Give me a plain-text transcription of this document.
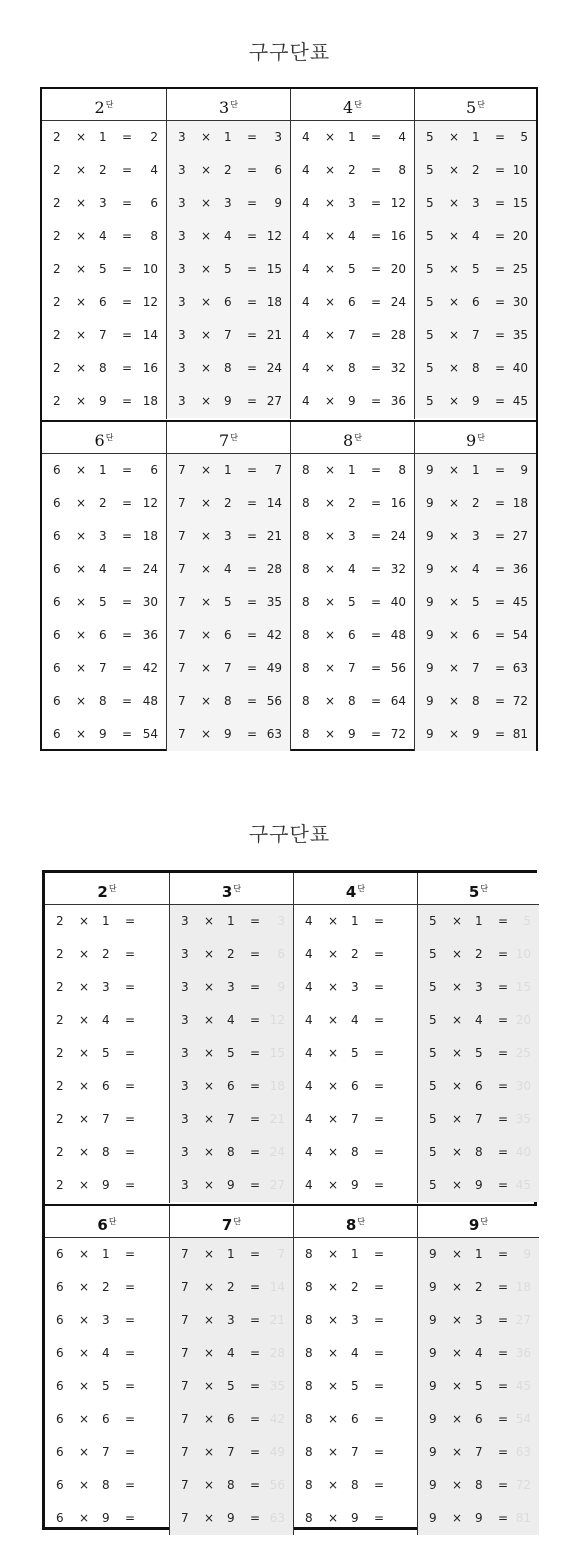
구구단표
$2^단$
2 × 1 = 2
2 × 2 = 4
2 × 3 = 6
2 × 4 = 8
2 × 5 = 10
2 × 6 = 12
2 × 7 = 14
2 × 8 = 16
2 × 9 = 18
$3^단$
3 × 1 = 3
3 × 2 = 6
3 × 3 = 9
3 × 4 = 12
3 × 5 = 15
3 × 6 = 18
3 × 7 = 21
3 × 8 = 24
3 × 9 = 27
$4^단$
4 × 1 = 4
4 × 2 = 8
4 × 3 = 12
4 × 4 = 16
4 × 5 = 20
4 × 6 = 24
4 × 7 = 28
4 × 8 = 32
4 × 9 = 36
$5^단$
5 × 1 = 5
5 × 2 = 10
5 × 3 = 15
5 × 4 = 20
5 × 5 = 25
5 × 6 = 30
5 × 7 = 35
5 × 8 = 40
5 × 9 = 45
$6^단$
6 × 1 = 6
6 × 2 = 12
6 × 3 = 18
6 × 4 = 24
6 × 5 = 30
6 × 6 = 36
6 × 7 = 42
6 × 8 = 48
6 × 9 = 54
$7^단$
7 × 1 = 7
7 × 2 = 14
7 × 3 = 21
7 × 4 = 28
7 × 5 = 35
7 × 6 = 42
7 × 7 = 49
7 × 8 = 56
7 × 9 = 63
$8^단$
8 × 1 = 8
8 × 2 = 16
8 × 3 = 24
8 × 4 = 32
8 × 5 = 40
8 × 6 = 48
8 × 7 = 56
8 × 8 = 64
8 × 9 = 72
$9^단$
9 × 1 = 9
9 × 2 = 18
9 × 3 = 27
9 × 4 = 36
9 × 5 = 45
9 × 6 = 54
9 × 7 = 63
9 × 8 = 72
9 × 9 = 81
구구단표
$2^단$
2 × 1 =
2 × 2 =
2 × 3 =
2 × 4 =
2 × 5 =
2 × 6 =
2 × 7 =
2 × 8 =
2 × 9 =
$3^단$
3 × 1 = 3
3 × 2 = 6
3 × 3 = 9
3 × 4 = 12
3 × 5 = 15
3 × 6 = 18
3 × 7 = 21
3 × 8 = 24
3 × 9 = 27
$4^단$
4 × 1 =
4 × 2 =
4 × 3 =
4 × 4 =
4 × 5 =
4 × 6 =
4 × 7 =
4 × 8 =
4 × 9 =
$5^단$
5 × 1 = 5
5 × 2 = 10
5 × 3 = 15
5 × 4 = 20
5 × 5 = 25
5 × 6 = 30
5 × 7 = 35
5 × 8 = 40
5 × 9 = 45
$6^단$
6 × 1 =
6 × 2 =
6 × 3 =
6 × 4 =
6 × 5 =
6 × 6 =
6 × 7 =
6 × 8 =
6 × 9 =
$7^단$
7 × 1 = 7
7 × 2 = 14
7 × 3 = 21
7 × 4 = 28
7 × 5 = 35
7 × 6 = 42
7 × 7 = 49
7 × 8 = 56
7 × 9 = 63
$8^단$
8 × 1 =
8 × 2 =
8 × 3 =
8 × 4 =
8 × 5 =
8 × 6 =
8 × 7 =
8 × 8 =
8 × 9 =
$9^단$
9 × 1 = 9
9 × 2 = 18
9 × 3 = 27
9 × 4 = 36
9 × 5 = 45
9 × 6 = 54
9 × 7 = 63
9 × 8 = 72
9 × 9 = 81
